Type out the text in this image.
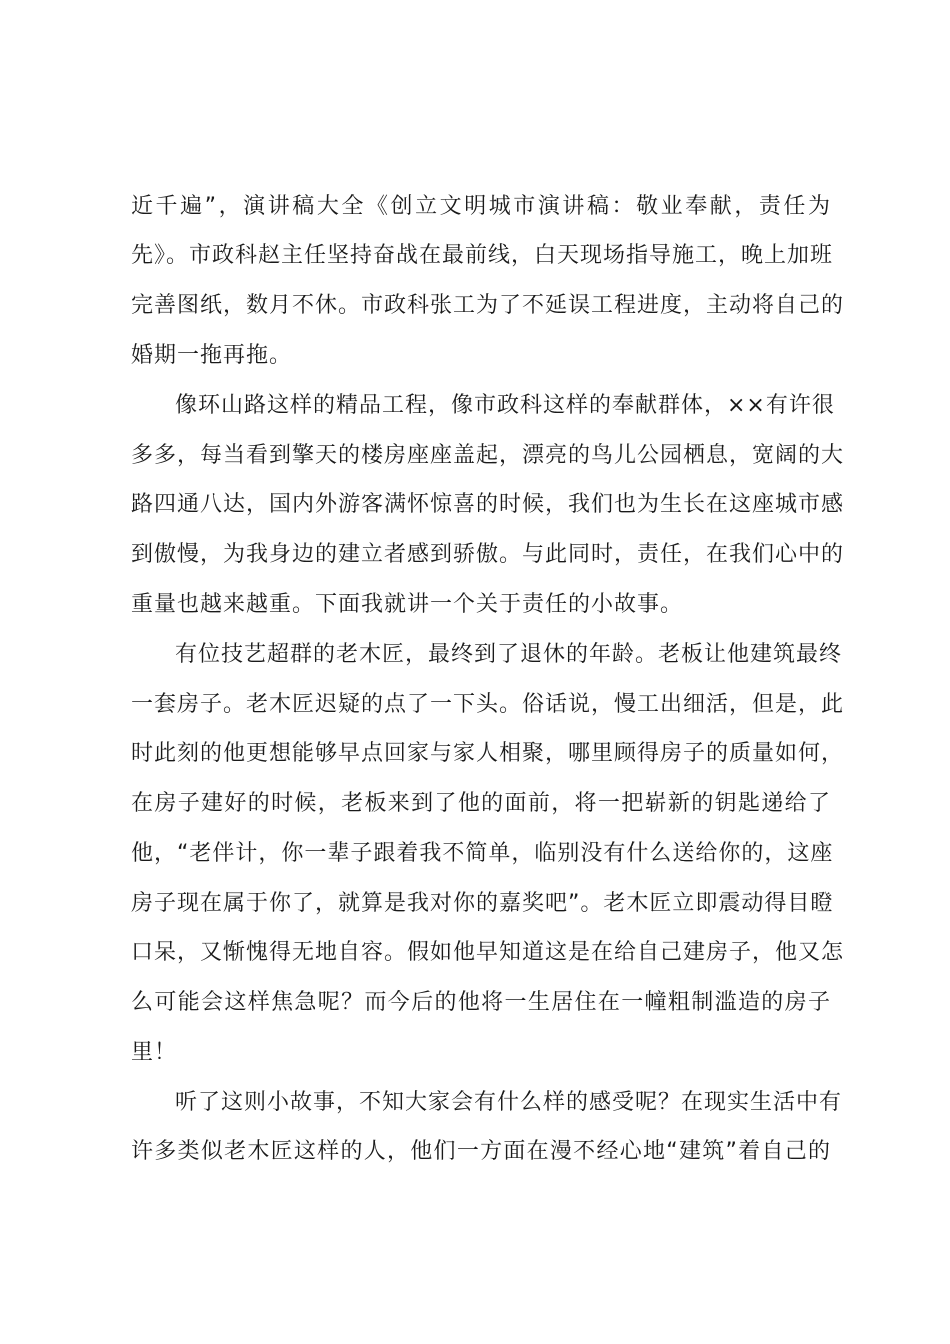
近千遍”，演讲稿大全《创立文明城市演讲稿：敬业奉献，责任为
先》。市政科赵主任坚持奋战在最前线，白天现场指导施工，晚上加班
完善图纸，数月不休。市政科张工为了不延误工程进度，主动将自己的
婚期一拖再拖。
像环山路这样的精品工程，像市政科这样的奉献群体，××有许很
多多，每当看到擎天的楼房座座盖起，漂亮的鸟儿公园栖息，宽阔的大
路四通八达，国内外游客满怀惊喜的时候，我们也为生长在这座城市感
到傲慢，为我身边的建立者感到骄傲。与此同时，责任，在我们心中的
重量也越来越重。下面我就讲一个关于责任的小故事。
有位技艺超群的老木匠，最终到了退休的年龄。老板让他建筑最终
一套房子。老木匠迟疑的点了一下头。俗话说，慢工出细活，但是，此
时此刻的他更想能够早点回家与家人相聚，哪里顾得房子的质量如何，
在房子建好的时候，老板来到了他的面前，将一把崭新的钥匙递给了
他，“老伴计，你一辈子跟着我不简单，临别没有什么送给你的，这座
房子现在属于你了，就算是我对你的嘉奖吧”。老木匠立即震动得目瞪
口呆，又惭愧得无地自容。假如他早知道这是在给自己建房子，他又怎
么可能会这样焦急呢？而今后的他将一生居住在一幢粗制滥造的房子
里！
听了这则小故事，不知大家会有什么样的感受呢？在现实生活中有
许多类似老木匠这样的人，他们一方面在漫不经心地“建筑”着自己的
